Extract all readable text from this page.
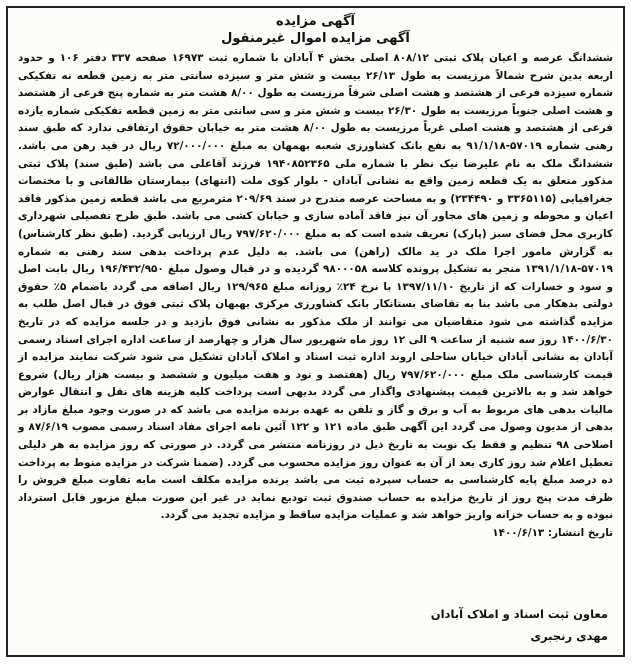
آگهی مزایده
آگهی مزایده اموال غیرمنقول

ششدانگ عرصه و اعیان پلاک ثبتی ۸۰۸/۱۲ اصلی بخش ۴ آبادان با شماره ثبت ۱۶۹۷۳ صفحه ۳۳۷ دفتر ۱۰۶ و حدود اربعه بدین شرح شمالاً مرزیست به طول ۲۶/۱۳ بیست و شش متر و سیزده سانتی متر به زمین قطعه نه تفکیکی شماره سیزده فرعی از هشتصد و هشت اصلی شرقاً مرزیست به طول ۸/۰۰ هشت متر به شماره پنج فرعی از هشتصد و هشت اصلی جنوباً مرزیست به طول ۲۶/۳۰ بیست و شش متر و سی سانتی متر به زمین قطعه تفکیکی شماره یازده فرعی از هشتصد و هشت اصلی غرباً مرزیست به طول ۸/۰۰ هشت متر به خیابان حقوق ارتفاقی ندارد که طبق سند رهنی شماره ۵۷۰۱۹-۹۱/۱/۱۸ به نفع بانک کشاورزی شعبه بهمهان به مبلغ ۷۲/۰۰۰/۰۰۰ ریال در قید رهن می باشد. ششدانگ ملک به نام علیرضا نیک نظر با شماره ملی ۱۹۴۰۸۵۲۳۶۵ فرزند آقاعلی می باشد (طبق سند) پلاک ثبتی مذکور متعلق به یک قطعه زمین واقع به نشانی آبادان - بلوار کوی ملت (انتهای) بیمارستان طالقانی و با مختصات جغرافیایی (۳۳۶۵۱۱۵ و ۲۳۴۴۹۰) و به مساحت عرصه مندرج در سند ۲۰۹/۶۹ مترمربع می باشد قطعه زمین مذکور فاقد اعیان و محوطه و زمین های مجاور آن نیز فاقد آماده سازی و خیابان کشی می باشد. طبق طرح تفصیلی شهرداری کاربری محل فضای سبز (پارک) تعریف شده است که به مبلغ ۷۹۷/۶۲۰/۰۰۰ ریال ارزیابی گردید. (طبق نظر کارشناس) به گزارش مامور اجرا ملک در ید مالک (راهن) می باشد. به دلیل عدم پرداخت بدهی سند رهنی به شماره ۵۷۰۱۹-۱۳۹۱/۱/۱۸ منجر به تشکیل پرونده کلاسه ۹۸۰۰۰۵۸ گردیده و در قبال وصول مبلغ ۱۹۶/۴۳۲/۹۵۰ ریال بابت اصل و سود و خسارات که از تاریخ ۱۳۹۷/۱۱/۱۰ با نرخ ۲۴٪ روزانه مبلغ ۱۲۹/۹۶۵ ریال اضافه می گردد باضمام ۵٪ حقوق دولتی بدهکار می باشد بنا به تقاضای بستانکار بانک کشاورزی مرکزی بهبهان پلاک ثبتی فوق در قبال اصل طلب به مزایده گذاشته می شود متقاضیان می توانند از ملک مذکور به نشانی فوق بازدید و در جلسه مزایده که در تاریخ ۱۴۰۰/۶/۳۰ روز سه شنبه از ساعت ۹ الی ۱۲ روز ماه شهریور سال هزار و چهارصد از ساعت اداره اجرای اسناد رسمی آبادان به نشانی آبادان خیابان ساحلی اروند اداره ثبت اسناد و املاک آبادان تشکیل می شود شرکت نمایند مزایده از قیمت کارشناسی ملک مبلغ ۷۹۷/۶۲۰/۰۰۰ ریال (هفتصد و نود و هفت میلیون و ششصد و بیست هزار ریال) شروع خواهد شد و به بالاترین قیمت پیشنهادی واگذار می گردد بدیهی است پرداخت کلیه هزینه های نقل و انتقال عوارض مالیات بدهی های مربوط به آب و برق و گاز و تلفن به عهده برنده مزایده می باشد که در صورت وجود مبلغ مازاد بر بدهی از مدیون وصول می گردد این آگهی طبق ماده ۱۲۱ و ۱۲۲ آئین نامه اجرای مفاد اسناد رسمی مصوب ۸۷/۶/۱۹ و اصلاحی ۹۸ تنظیم و فقط یک نوبت به تاریخ ذیل در روزنامه منتشر می گردد. در صورتی که روز مزایده به هر دلیلی تعطیل اعلام شد روز کاری بعد از آن به عنوان روز مزایده محسوب می گردد. (ضمنا شرکت در مزایده منوط به پرداخت ده درصد مبلغ پایه کارشناسی به حساب سپرده ثبت می باشد برنده مزایده مکلف است مابه تفاوت مبلغ فروش را ظرف مدت پنج روز از تاریخ مزایده به حساب صندوق ثبت تودیع نماید در غیر این صورت مبلغ مزبور قابل استرداد نبوده و به حساب خزانه واریز خواهد شد و عملیات مزایده ساقط و مزایده تجدید می گردد.

تاریخ انتشار: ۱۴۰۰/۶/۱۳

معاون ثبت اسناد و املاک آبادان
مهدی رنجبری
